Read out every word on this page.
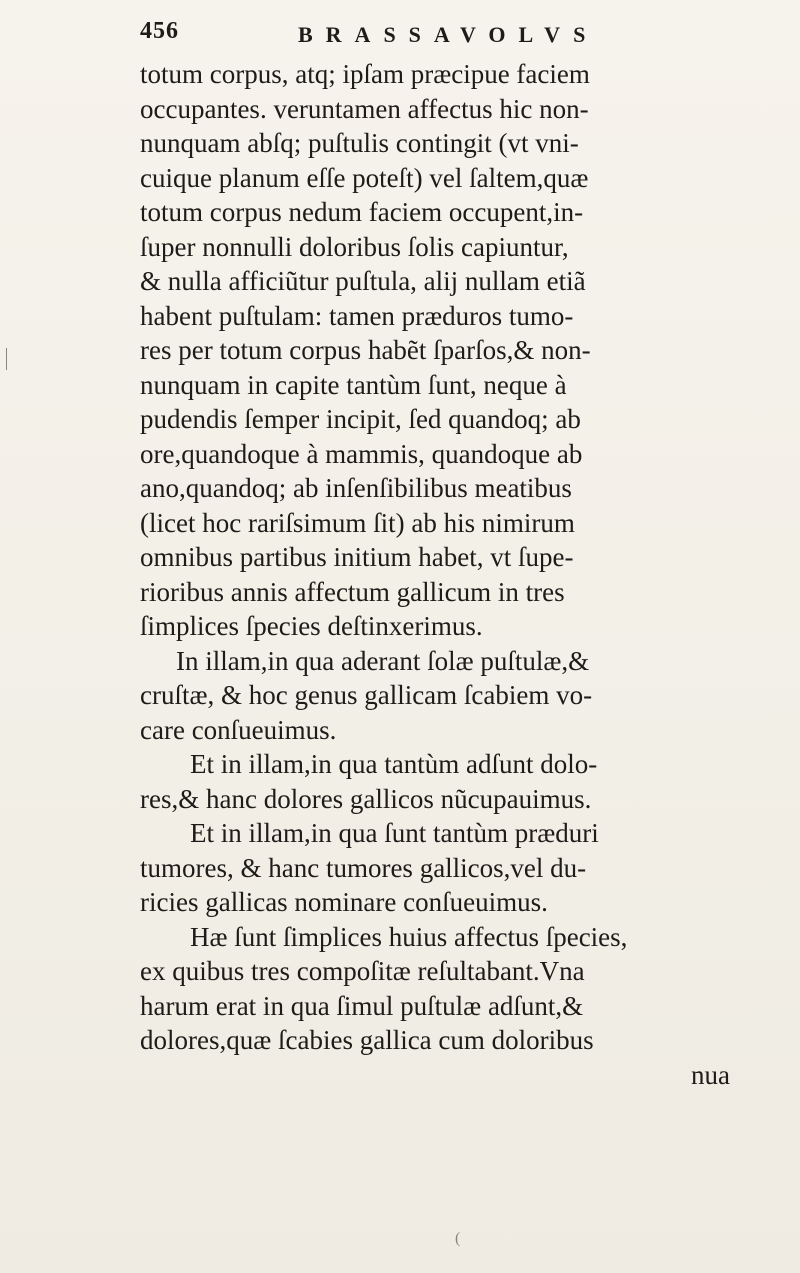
456	BRASSAVOLVS
totum corpus, atq; ipſam præcipue faciem
occupantes. veruntamen affectus hic non-
nunquam abſq; puſtulis contingit (vt vni-
cuique planum eſſe poteſt) vel ſaltem,quæ
totum corpus nedum faciem occupent,in-
ſuper nonnulli doloribus ſolis capiuntur,
& nulla afficiũtur puſtula, alij nullam etiã
habent puſtulam: tamen præduros tumo-
res per totum corpus habẽt ſparſos,& non-
nunquam in capite tantùm ſunt, neque à
pudendis ſemper incipit, ſed quandoq; ab
ore,quandoque à mammis, quandoque ab
ano,quandoq; ab inſenſibilibus meatibus
(licet hoc rariſsimum ſit) ab his nimirum
omnibus partibus initium habet, vt ſupe-
rioribus annis affectum gallicum in tres
ſimplices ſpecies deſtinxerimus.
In illam,in qua aderant ſolæ puſtulæ,&
cruſtæ, & hoc genus gallicam ſcabiem vo-
care conſueuimus.
Et in illam,in qua tantùm adſunt dolo-
res,& hanc dolores gallicos nũcupauimus.
Et in illam,in qua ſunt tantùm præduri
tumores, & hanc tumores gallicos,vel du-
ricies gallicas nominare conſueuimus.
Hæ ſunt ſimplices huius affectus ſpecies,
ex quibus tres compoſitæ reſultabant.Vna
harum erat in qua ſimul puſtulæ adſunt,&
dolores,quæ ſcabies gallica cum doloribus
nua
(
